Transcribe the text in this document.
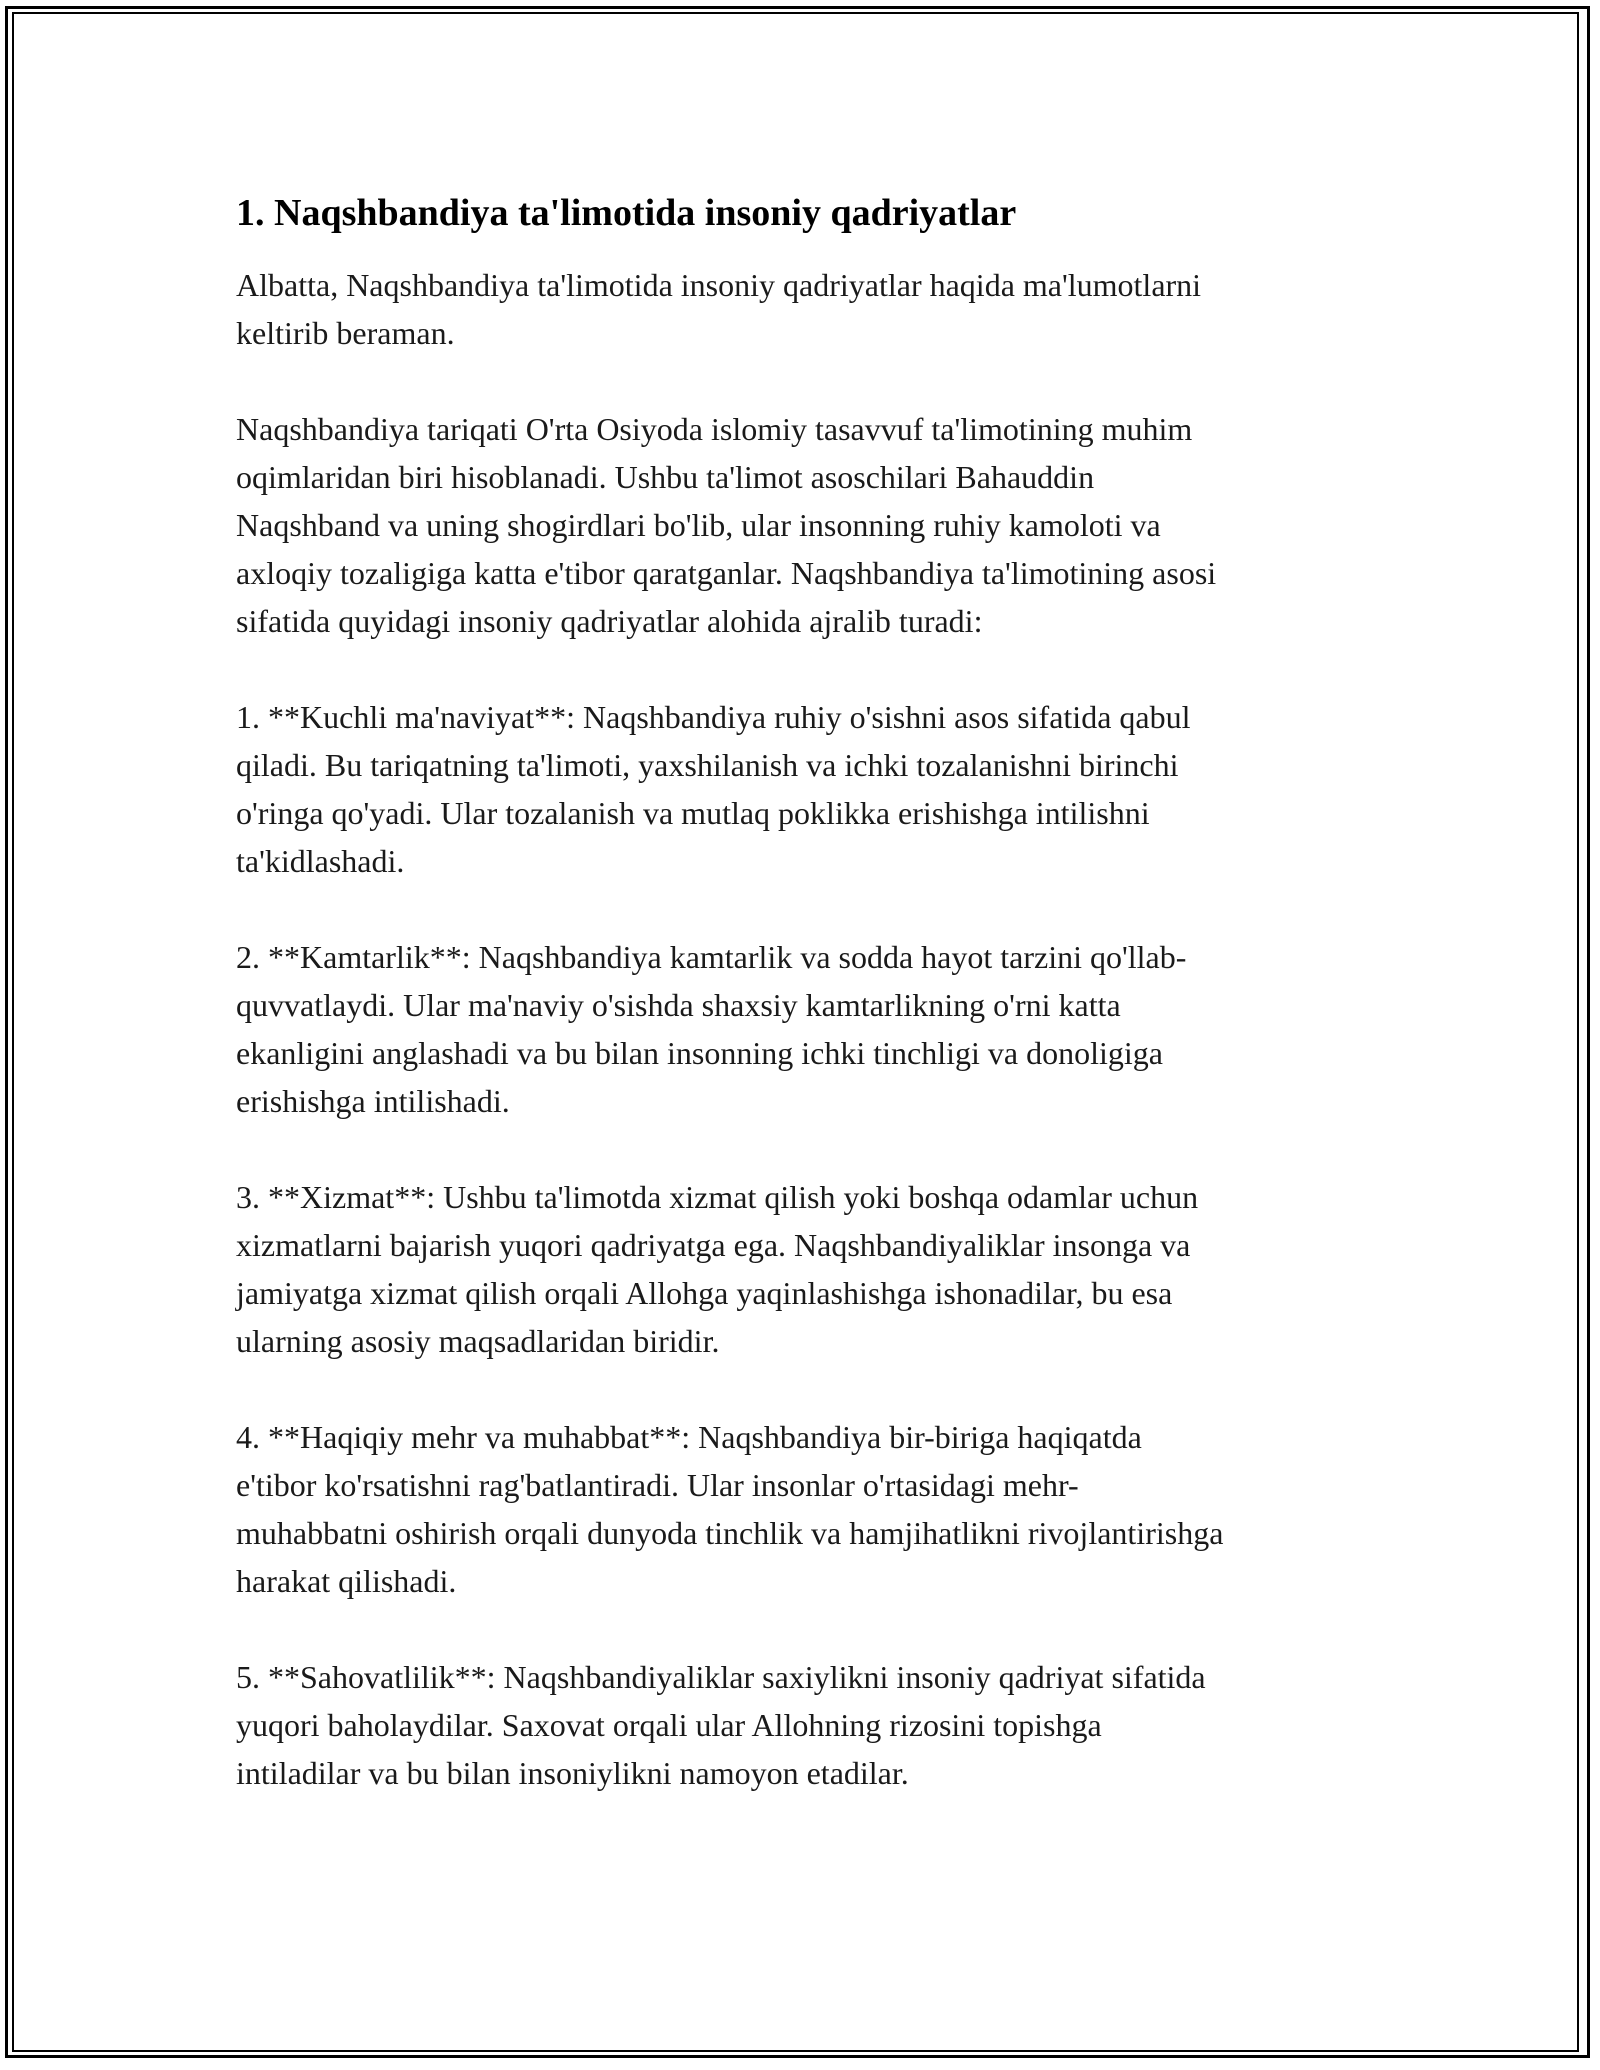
1. Naqshbandiya ta'limotida insoniy qadriyatlar

Albatta, Naqshbandiya ta'limotida insoniy qadriyatlar haqida ma'lumotlarni
keltirib beraman.

Naqshbandiya tariqati O'rta Osiyoda islomiy tasavvuf ta'limotining muhim
oqimlaridan biri hisoblanadi. Ushbu ta'limot asoschilari Bahauddin
Naqshband va uning shogirdlari bo'lib, ular insonning ruhiy kamoloti va
axloqiy tozaligiga katta e'tibor qaratganlar. Naqshbandiya ta'limotining asosi
sifatida quyidagi insoniy qadriyatlar alohida ajralib turadi:

1. **Kuchli ma'naviyat**: Naqshbandiya ruhiy o'sishni asos sifatida qabul
qiladi. Bu tariqatning ta'limoti, yaxshilanish va ichki tozalanishni birinchi
o'ringa qo'yadi. Ular tozalanish va mutlaq poklikka erishishga intilishni
ta'kidlashadi.

2. **Kamtarlik**: Naqshbandiya kamtarlik va sodda hayot tarzini qo'llab-
quvvatlaydi. Ular ma'naviy o'sishda shaxsiy kamtarlikning o'rni katta
ekanligini anglashadi va bu bilan insonning ichki tinchligi va donoligiga
erishishga intilishadi.

3. **Xizmat**: Ushbu ta'limotda xizmat qilish yoki boshqa odamlar uchun
xizmatlarni bajarish yuqori qadriyatga ega. Naqshbandiyaliklar insonga va
jamiyatga xizmat qilish orqali Allohga yaqinlashishga ishonadilar, bu esa
ularning asosiy maqsadlaridan biridir.

4. **Haqiqiy mehr va muhabbat**: Naqshbandiya bir-biriga haqiqatda
e'tibor ko'rsatishni rag'batlantiradi. Ular insonlar o'rtasidagi mehr-
muhabbatni oshirish orqali dunyoda tinchlik va hamjihatlikni rivojlantirishga
harakat qilishadi.

5. **Sahovatlilik**: Naqshbandiyaliklar saxiylikni insoniy qadriyat sifatida
yuqori baholaydilar. Saxovat orqali ular Allohning rizosini topishga
intiladilar va bu bilan insoniylikni namoyon etadilar.
